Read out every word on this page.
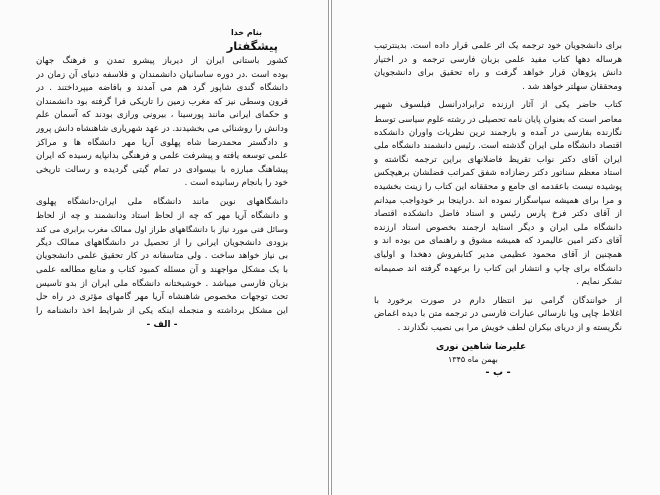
بنام خدا
پیشگفتار
کشور باستانی ایران از دیرباز پیشرو تمدن و فرهنگ جهان
بوده است .در دوره ساسانیان دانشمندان و فلاسفه دنیای آن زمان در
دانشگاه گندی شاپور گرد هم می آمدند و بافاضه میپرداختند . در
قرون وسطی نیز که مغرب زمین را تاریکی فرا گرفته بود دانشمندان
و حکمای ایرانی مانند پورسینا ، بیرونی ورازی بودند که آسمان علم
ودانش را روشنائی می بخشیدند. در عهد شهریاری شاهنشاه دانش پرور
و دادگستر محمدرضا شاه پهلوی آریا مهر دانشگاه ها و مراکز
علمی توسعه یافته و پیشرفت علمی و فرهنگی بدانپایه رسیده که ایران
پیشاهنگ مبارزه با بیسوادی در تمام گیتی گردیده و رسالت تاریخی
خود را بانجام رسانیده است .
دانشگاههای نوین مانند دانشگاه ملی ایران-دانشگاه پهلوی
و دانشگاه آریا مهر که چه از لحاظ استاد ودانشمند و چه از لحاظ
وسائل فنی مورد نیاز با دانشگاههای طراز اول ممالک مغرب برابری می کند
بزودی دانشجویان ایرانی را از تحصیل در دانشگاههای ممالک دیگر
بی نیاز خواهد ساخت . ولی متاسفانه در کار تحقیق علمی دانشجویان
با یک مشکل مواجهند و آن مسئله کمبود کتاب و منابع مطالعه علمی
بزبان فارسی میباشد . خوشبختانه دانشگاه ملی ایران از بدو تاسیس
تحت توجهات مخصوص شاهنشاه آریا مهر گامهای مؤثری در راه حل
این مشکل برداشته و منجمله اینکه یکی از شرایط اخذ دانشنامه را
- الف -
برای دانشجویان خود ترجمه یک اثر علمی قرار داده است. بدینترتیب
هرساله دهها کتاب مفید علمی بزبان فارسی ترجمه و در اختیار
دانش پژوهان قرار خواهد گرفت و راه تحقیق برای دانشجویان
ومحققان سهلتر خواهد شد .
کتاب حاضر یکی از آثار ارزنده ترابرادرانسل فیلسوف شهیر
معاصر است که بعنوان پایان نامه تحصیلی در رشته علوم سیاسی توسط
نگارنده بفارسی در آمده و بارجمند ترین نظریات واوران دانشکده
اقتصاد دانشگاه ملی ایران گذشته است. رئیس دانشمند دانشگاه ملی
ایران آقای دکتر نواب تقریظ فاضلانهای براین ترجمه نگاشته و
استاد معظم سناتور دکتر رضازاده شفق کمراتب فضلشان برهیچکس
پوشیده نیست باعقدمه ای جامع و محققانه این کتاب را زینت بخشیده
و مرا برای همیشه سپاسگزار نموده اند .دراینجا بر خودواجب میدانم
از آقای دکتر فرخ پارس رئیس و استاد فاضل دانشکده اقتصاد
دانشگاه ملی ایران و دیگر استاید ارجمند بخصوص استاد ارزنده
آقای دکتر امین عالیمرد که همیشه مشوق و راهنمای من بوده اند و
همچنین از آقای محمود عظیمی مدیر کتابفروش دهخدا و اولیای
دانشگاه برای چاپ و انتشار این کتاب را برعهده گرفته اند صمیمانه
تشکر نمایم .
از خوانندگان گرامی نیز انتظار دارم در صورت برخورد با
اغلاط چاپی ویا نارسائی عبارات فارسی در ترجمه متن با دیده اغماض
نگریسته و از دریای بیکران لطف خویش مرا بی نصیب نگذارند .
علیرضا شاهین نوری
بهمن ماه ۱۳۴۵
- ب -
